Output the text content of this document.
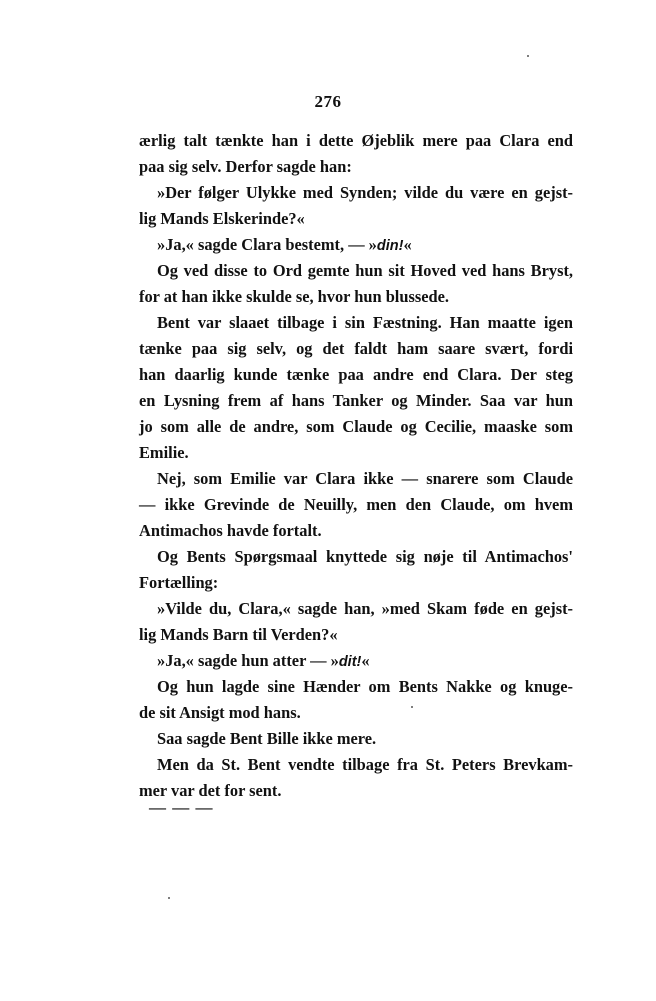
276
ærlig talt tænkte han i dette Øjeblik mere paa Clara end
paa sig selv. Derfor sagde han:
»Der følger Ulykke med Synden; vilde du være en gejst-
lig Mands Elskerinde?«
»Ja,« sagde Clara bestemt, — »din!«
Og ved disse to Ord gemte hun sit Hoved ved hans Bryst,
for at han ikke skulde se, hvor hun blussede.
Bent var slaaet tilbage i sin Fæstning. Han maatte igen
tænke paa sig selv, og det faldt ham saare svært, fordi
han daarlig kunde tænke paa andre end Clara. Der steg
en Lysning frem af hans Tanker og Minder. Saa var hun
jo som alle de andre, som Claude og Cecilie, maaske som
Emilie.
Nej, som Emilie var Clara ikke — snarere som Claude
— ikke Grevinde de Neuilly, men den Claude, om hvem
Antimachos havde fortalt.
Og Bents Spørgsmaal knyttede sig nøje til Antimachos'
Fortælling:
»Vilde du, Clara,« sagde han, »med Skam føde en gejst-
lig Mands Barn til Verden?«
»Ja,« sagde hun atter — »dit!«
Og hun lagde sine Hænder om Bents Nakke og knuge-
de sit Ansigt mod hans.
Saa sagde Bent Bille ikke mere.
Men da St. Bent vendte tilbage fra St. Peters Brevkam-
mer var det for sent.
— — —
